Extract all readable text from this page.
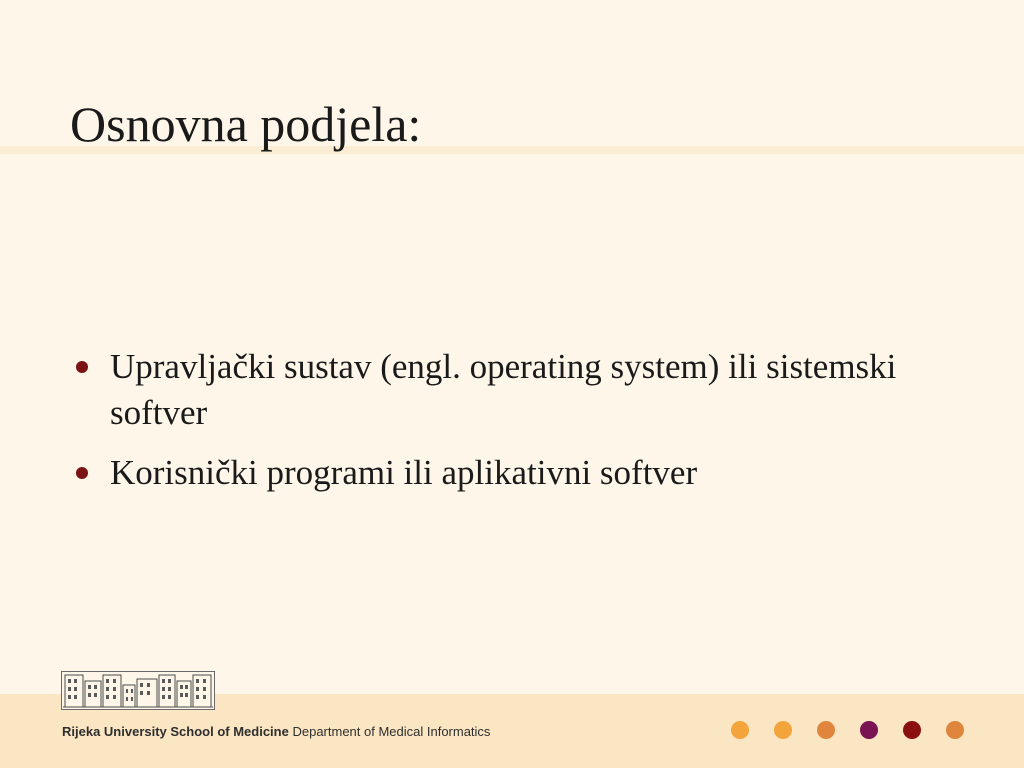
Osnovna podjela:
Upravljački sustav (engl. operating system) ili sistemski softver
Korisnički programi ili aplikativni softver
Rijeka University School of Medicine Department of Medical Informatics
